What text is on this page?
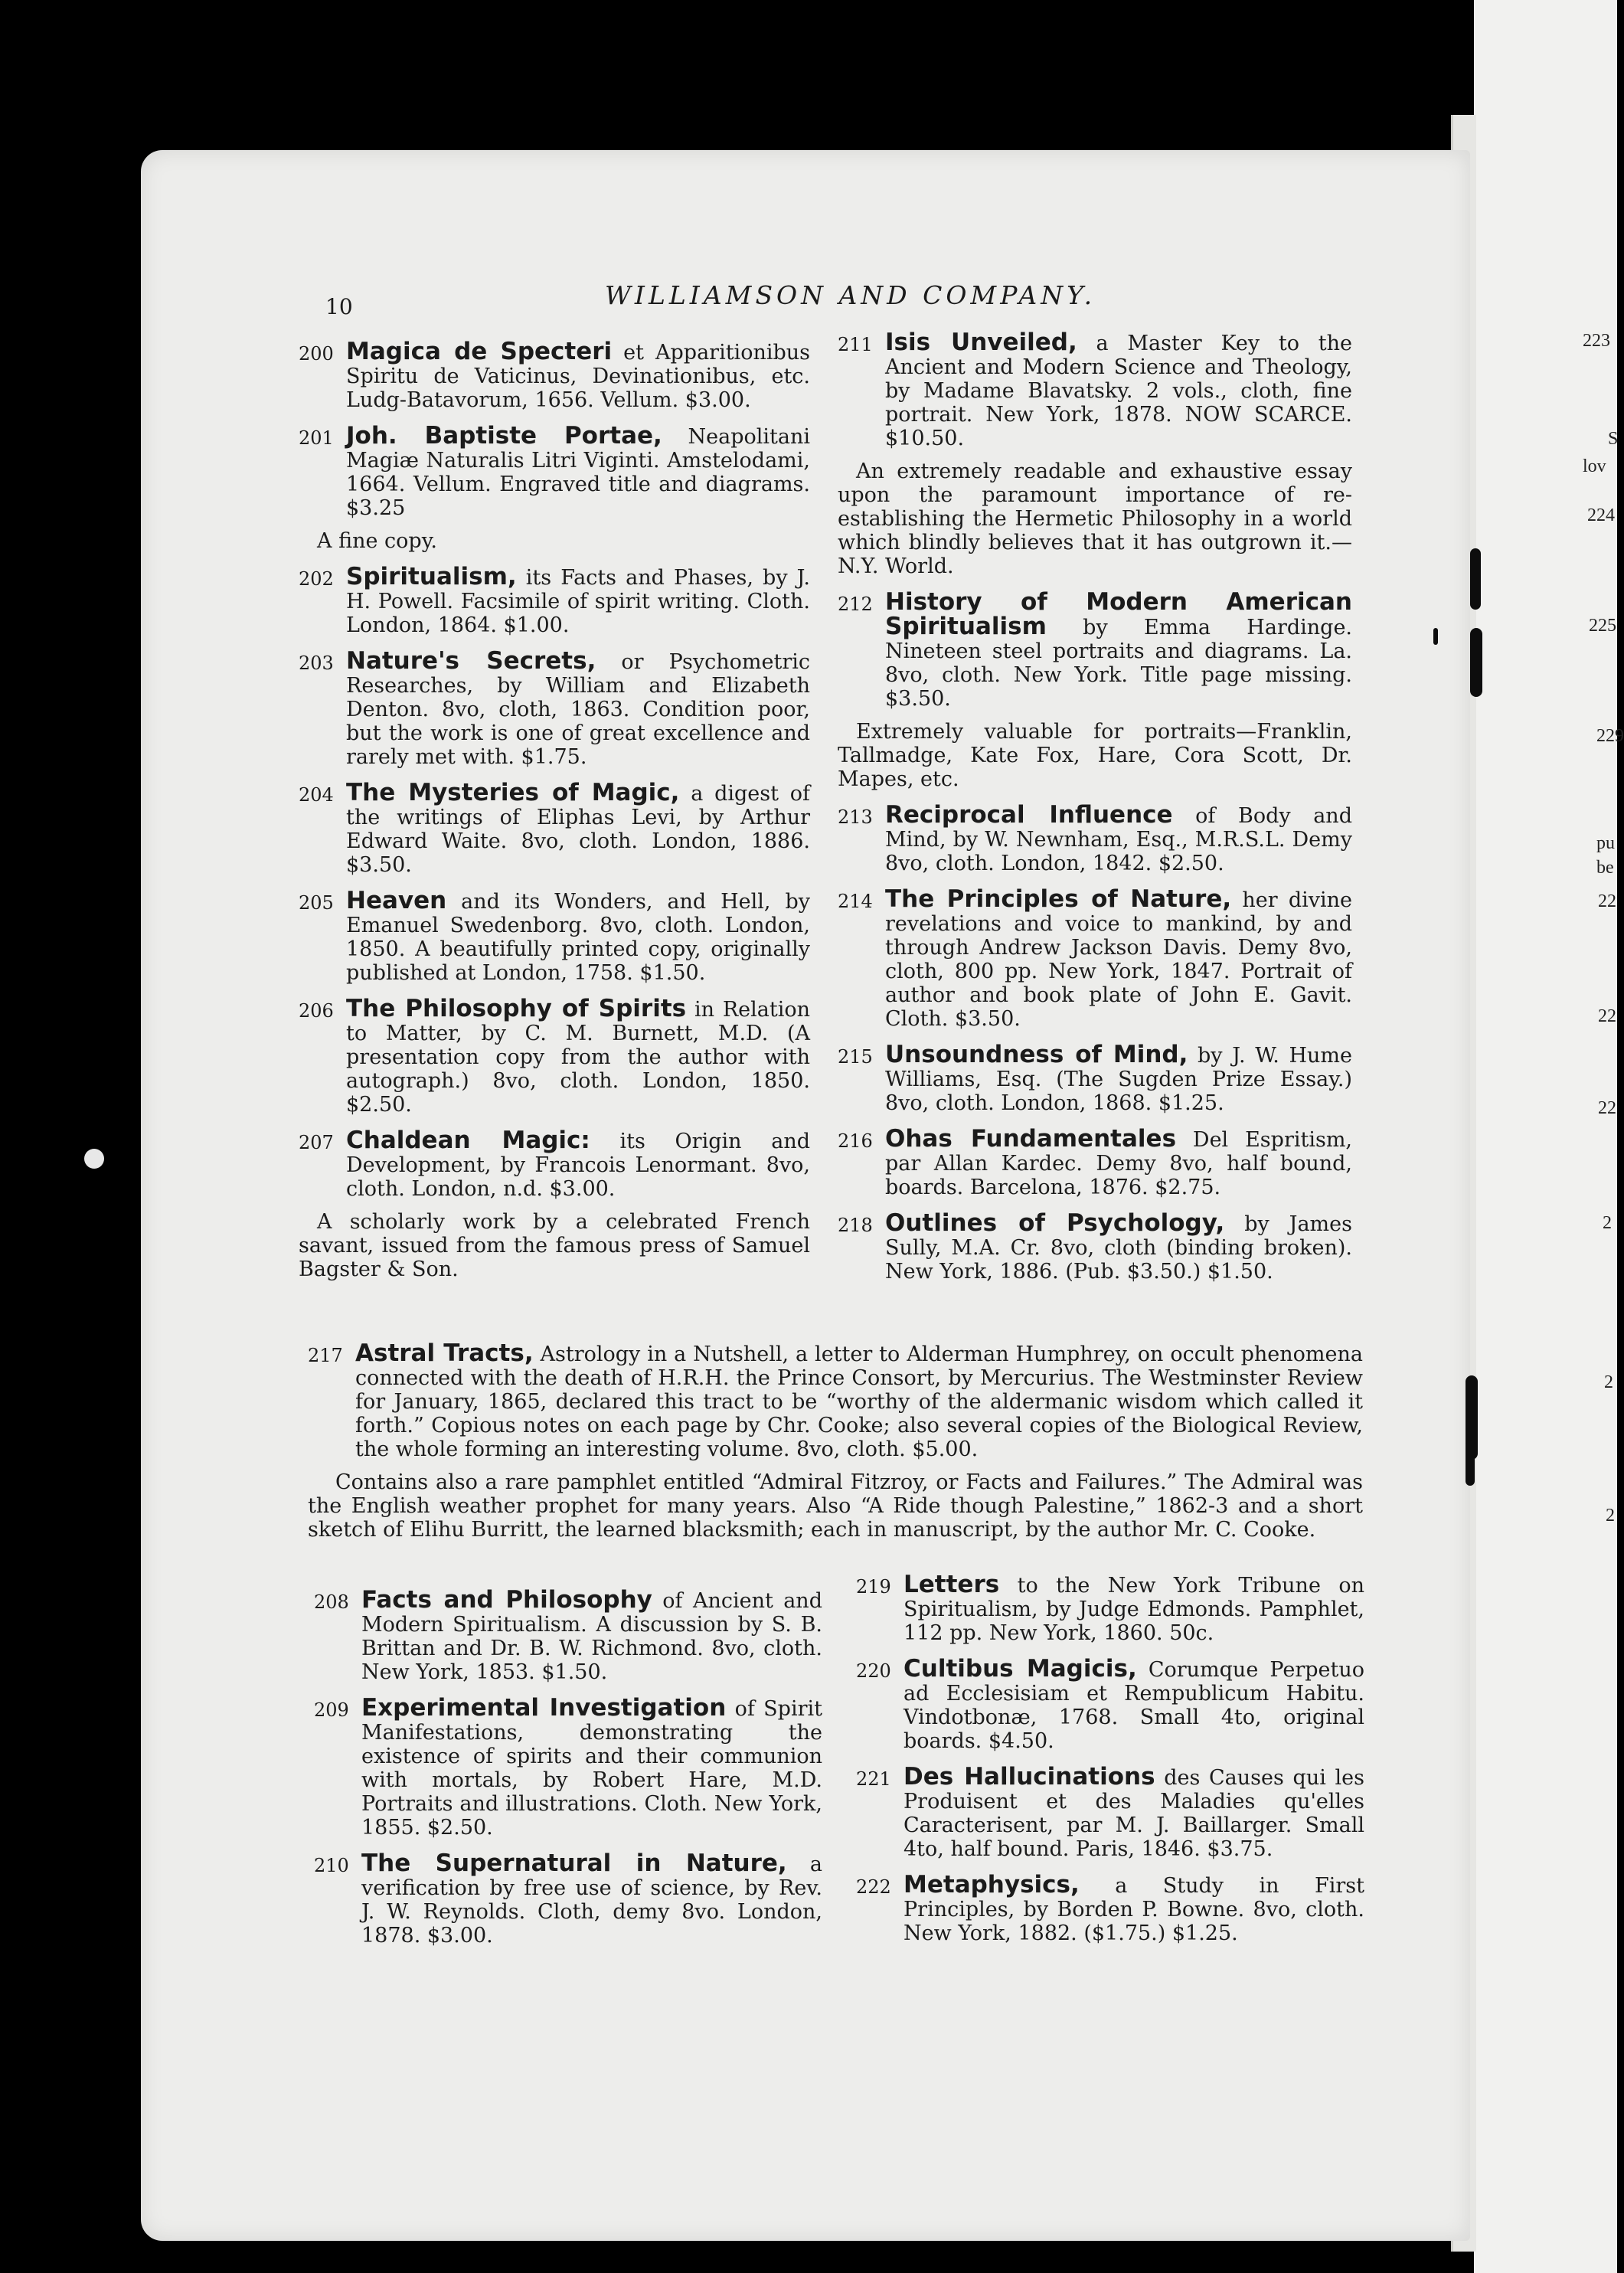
223
S
lov
224
225
229
pu
be
22
22
22
2
2
2
10	WILLIAMSON AND COMPANY.
200 Magica de Specteri et Apparitionibus Spiritu de Vaticinus, Devinationibus, etc. Ludg-Batavorum, 1656. Vellum. $3.00.
201 Joh. Baptiste Portae, Neapolitani Magiæ Naturalis Litri Viginti. Amstelodami, 1664. Vellum. Engraved title and diagrams. $3.25
A fine copy.
202 Spiritualism, its Facts and Phases, by J. H. Powell. Facsimile of spirit writing. Cloth. London, 1864. $1.00.
203 Nature's Secrets, or Psychometric Researches, by William and Elizabeth Denton. 8vo, cloth, 1863. Condition poor, but the work is one of great excellence and rarely met with. $1.75.
204 The Mysteries of Magic, a digest of the writings of Eliphas Levi, by Arthur Edward Waite. 8vo, cloth. London, 1886. $3.50.
205 Heaven and its Wonders, and Hell, by Emanuel Swedenborg. 8vo, cloth. London, 1850. A beautifully printed copy, originally published at London, 1758. $1.50.
206 The Philosophy of Spirits in Relation to Matter, by C. M. Burnett, M.D. (A presentation copy from the author with autograph.) 8vo, cloth. London, 1850. $2.50.
207 Chaldean Magic: its Origin and Development, by Francois Lenormant. 8vo, cloth. London, n.d. $3.00.
A scholarly work by a celebrated French savant, issued from the famous press of Samuel Bagster & Son.
211 Isis Unveiled, a Master Key to the Ancient and Modern Science and Theology, by Madame Blavatsky. 2 vols., cloth, fine portrait. New York, 1878. NOW SCARCE. $10.50.
An extremely readable and exhaustive essay upon the paramount importance of re-establishing the Hermetic Philosophy in a world which blindly believes that it has outgrown it.—N.Y. World.
212 History of Modern American Spiritualism by Emma Hardinge. Nineteen steel portraits and diagrams. La. 8vo, cloth. New York. Title page missing. $3.50.
Extremely valuable for portraits—Franklin, Tallmadge, Kate Fox, Hare, Cora Scott, Dr. Mapes, etc.
213 Reciprocal Influence of Body and Mind, by W. Newnham, Esq., M.R.S.L. Demy 8vo, cloth. London, 1842. $2.50.
214 The Principles of Nature, her divine revelations and voice to mankind, by and through Andrew Jackson Davis. Demy 8vo, cloth, 800 pp. New York, 1847. Portrait of author and book plate of John E. Gavit. Cloth. $3.50.
215 Unsoundness of Mind, by J. W. Hume Williams, Esq. (The Sugden Prize Essay.) 8vo, cloth. London, 1868. $1.25.
216 Ohas Fundamentales Del Espritism, par Allan Kardec. Demy 8vo, half bound, boards. Barcelona, 1876. $2.75.
218 Outlines of Psychology, by James Sully, M.A. Cr. 8vo, cloth (binding broken). New York, 1886. (Pub. $3.50.) $1.50.
217 Astral Tracts, Astrology in a Nutshell, a letter to Alderman Humphrey, on occult phenomena connected with the death of H.R.H. the Prince Consort, by Mercurius. The Westminster Review for January, 1865, declared this tract to be “worthy of the aldermanic wisdom which called it forth.” Copious notes on each page by Chr. Cooke; also several copies of the Biological Review, the whole forming an interesting volume. 8vo, cloth. $5.00.
Contains also a rare pamphlet entitled “Admiral Fitzroy, or Facts and Failures.” The Admiral was the English weather prophet for many years. Also “A Ride though Palestine,” 1862-3 and a short sketch of Elihu Burritt, the learned blacksmith; each in manuscript, by the author Mr. C. Cooke.
208 Facts and Philosophy of Ancient and Modern Spiritualism. A discussion by S. B. Brittan and Dr. B. W. Richmond. 8vo, cloth. New York, 1853. $1.50.
209 Experimental Investigation of Spirit Manifestations, demonstrating the existence of spirits and their communion with mortals, by Robert Hare, M.D. Portraits and illustrations. Cloth. New York, 1855. $2.50.
210 The Supernatural in Nature, a verification by free use of science, by Rev. J. W. Reynolds. Cloth, demy 8vo. London, 1878. $3.00.
219 Letters to the New York Tribune on Spiritualism, by Judge Edmonds. Pamphlet, 112 pp. New York, 1860. 50c.
220 Cultibus Magicis, Corumque Perpetuo ad Ecclesisiam et Rempublicum Habitu. Vindotbonæ, 1768. Small 4to, original boards. $4.50.
221 Des Hallucinations des Causes qui les Produisent et des Maladies qu'elles Caracterisent, par M. J. Baillarger. Small 4to, half bound. Paris, 1846. $3.75.
222 Metaphysics, a Study in First Principles, by Borden P. Bowne. 8vo, cloth. New York, 1882. ($1.75.) $1.25.
